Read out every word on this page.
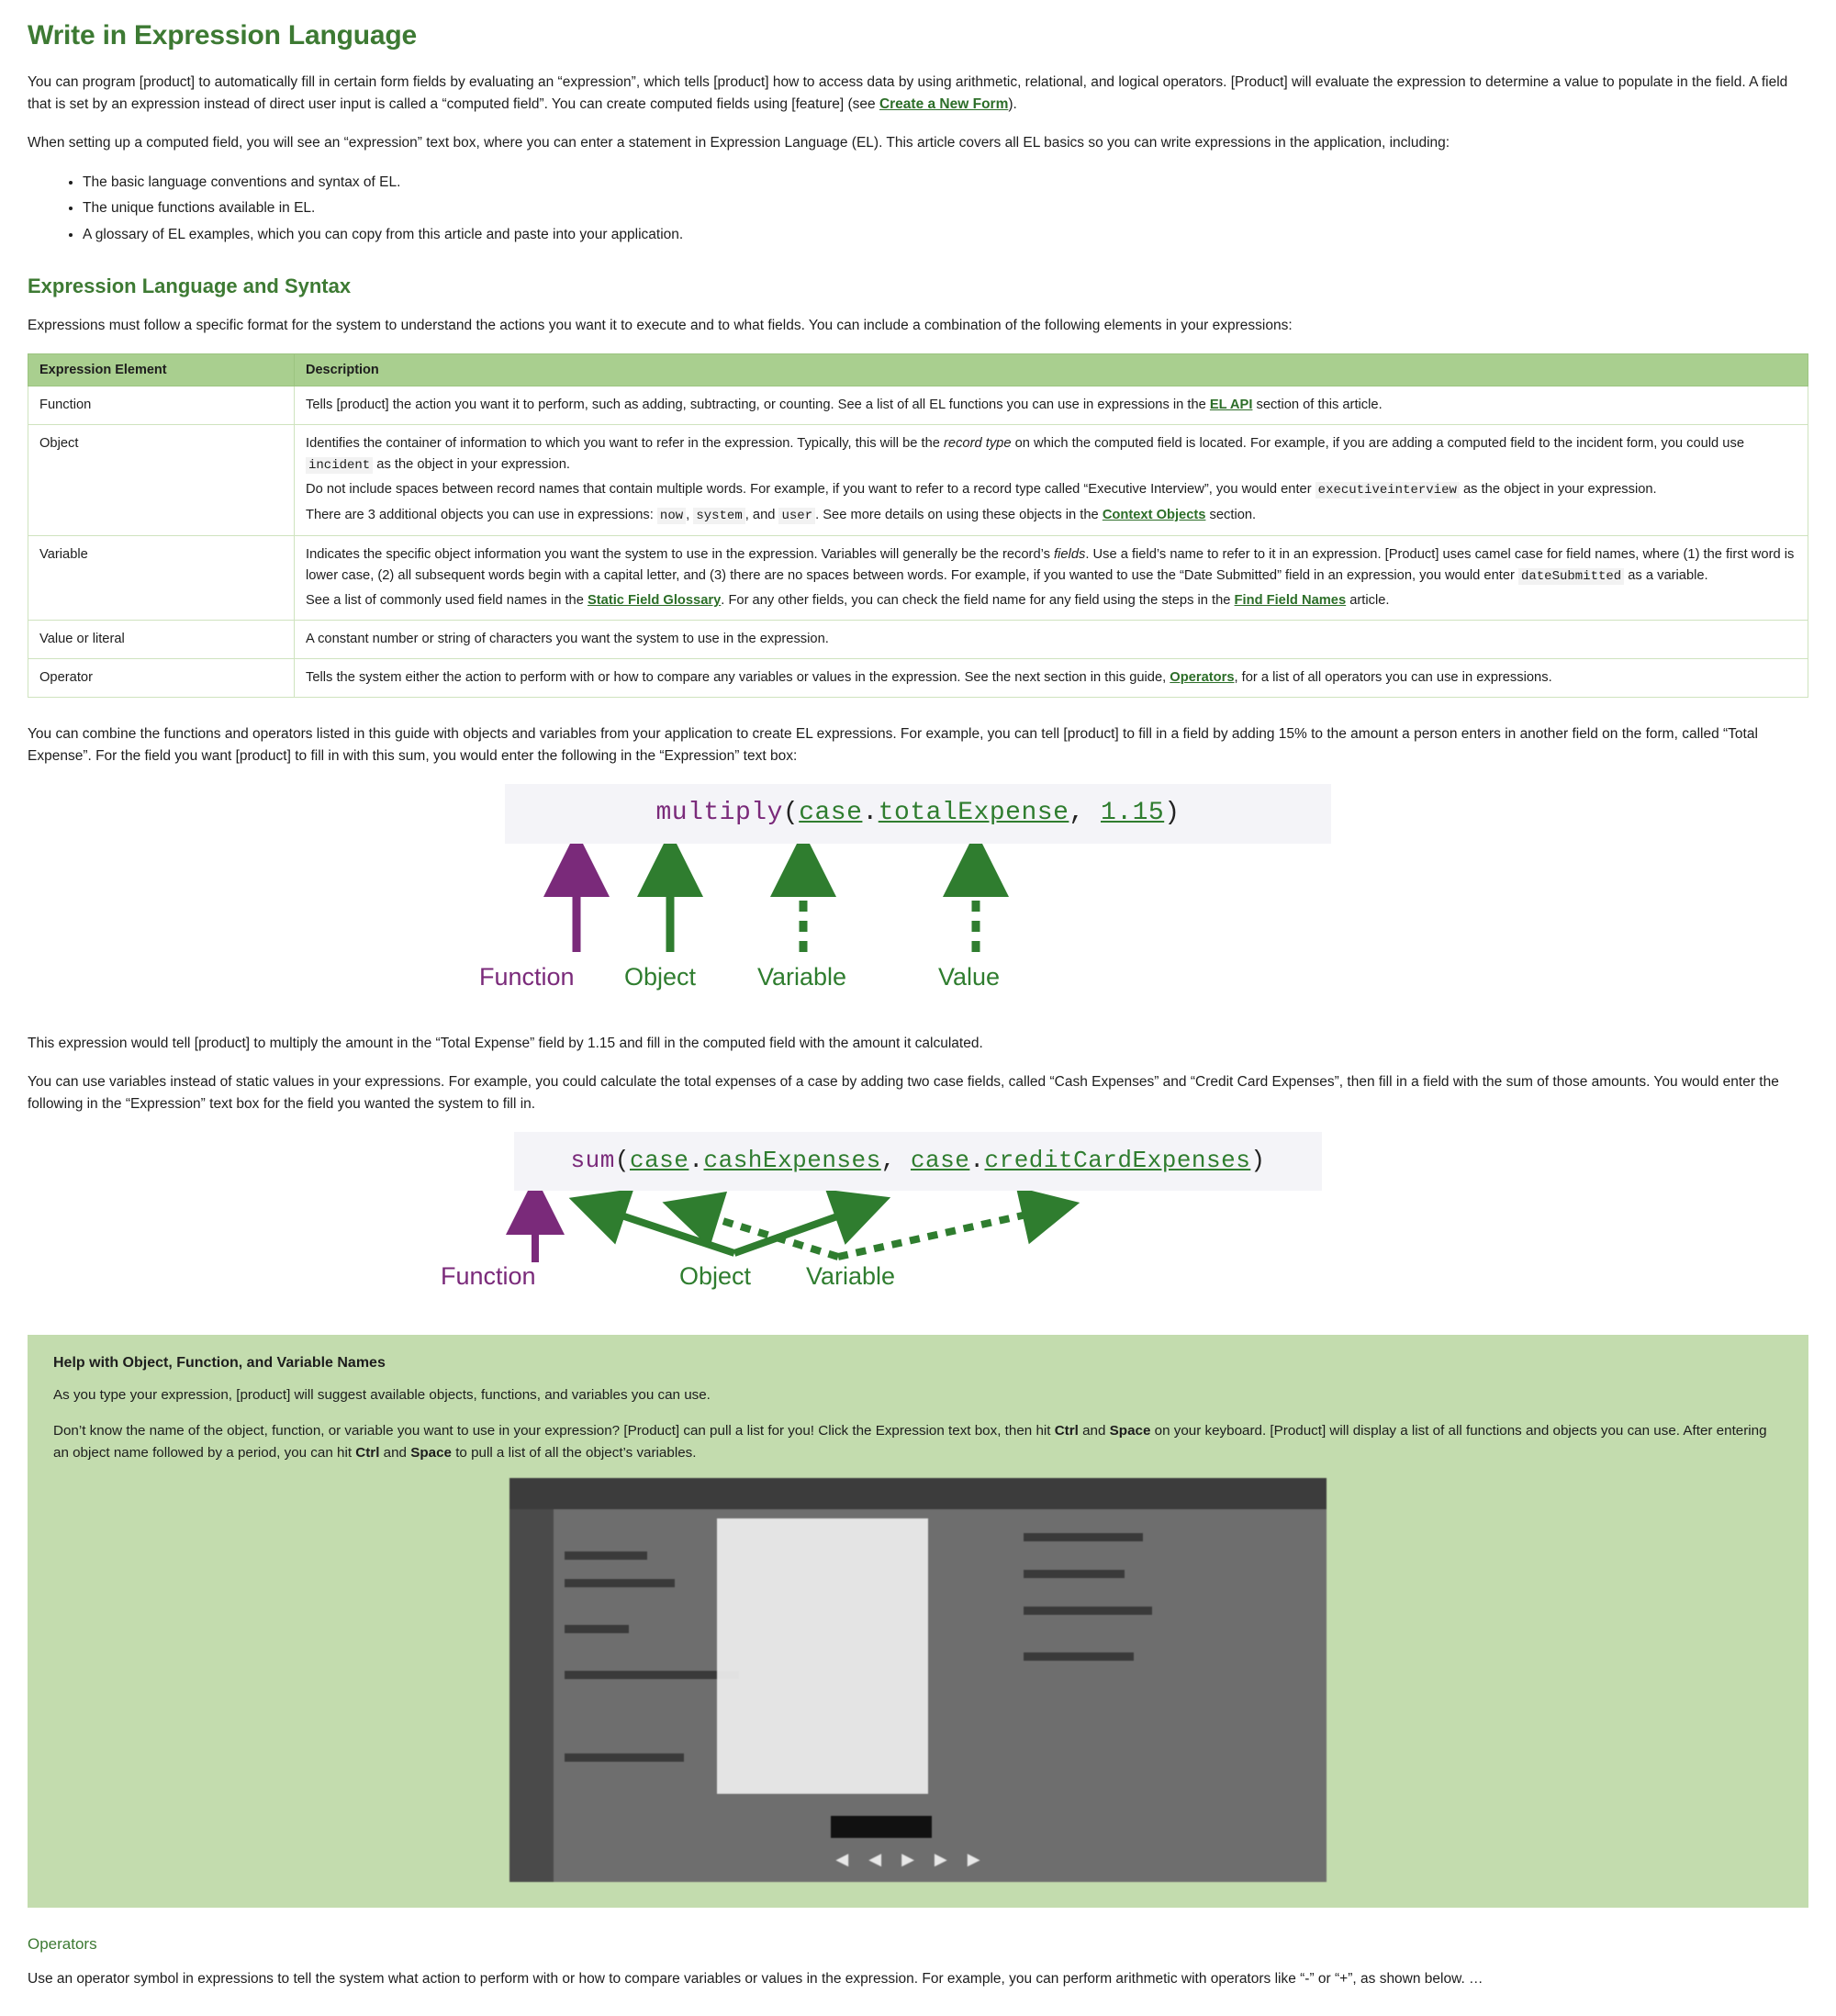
Write in Expression Language

You can program [product] to automatically fill in certain form fields by evaluating an “expression”, which tells [product] how to access data by using arithmetic, relational, and logical operators. [Product] will evaluate the expression to determine a value to populate in the field. A field that is set by an expression instead of direct user input is called a “computed field”. You can create computed fields using [feature] (see Create a New Form).

When setting up a computed field, you will see an “expression” text box, where you can enter a statement in Expression Language (EL). This article covers all EL basics so you can write expressions in the application, including:

• The basic language conventions and syntax of EL.
• The unique functions available in EL.
• A glossary of EL examples, which you can copy from this article and paste into your application.
Expression Language and Syntax

Expressions must follow a specific format for the system to understand the actions you want it to execute and to what fields. You can include a combination of the following elements in your expressions:

Expression Element	Description
Function	Tells [product] the action you want it to perform, such as adding, subtracting, or counting. See a list of all EL functions you can use in expressions in the EL API section of this article.
Object	Identifies the container of information to which you want to refer in the expression. Typically, this will be the record type on which the computed field is located. For example, if you are adding a computed field to the incident form, you could use incident as the object in your expression.

Do not include spaces between record names that contain multiple words. For example, if you want to refer to a record type called “Executive Interview”, you would enter executiveinterview as the object in your expression.

There are 3 additional objects you can use in expressions: now , system , and user . See more details on using these objects in the Context Objects section.

Variable	Indicates the specific object information you want the system to use in the expression. Variables will generally be the record’s fields. Use a field’s name to refer to it in an expression. [Product] uses camel case for field names, where (1) the first word is lower case, (2) all subsequent words begin with a capital letter, and (3) there are no spaces between words. For example, if you wanted to use the “Date Submitted” field in an expression, you would enter dateSubmitted as a variable.

See a list of commonly used field names in the Static Field Glossary. For any other fields, you can check the field name for any field using the steps in the Find Field Names article.

Value or literal	A constant number or string of characters you want the system to use in the expression.
Operator	Tells the system either the action to perform with or how to compare any variables or values in the expression. See the next section in this guide, Operators, for a list of all operators you can use in expressions.

You can combine the functions and operators listed in this guide with objects and variables from your application to create EL expressions. For example, you can tell [product] to fill in a field by adding 15% to the amount a person enters in another field on the form, called “Total Expense”. For the field you want [product] to fill in with this sum, you would enter the following in the “Expression” text box:

multiply(case.totalExpense, 1.15)
Function Object Variable	Value

This expression would tell [product] to multiply the amount in the “Total Expense” field by 1.15 and fill in the computed field with the amount it calculated.

You can use variables instead of static values in your expressions. For example, you could calculate the total expenses of a case by adding two case fields, called “Cash Expenses” and “Credit Card Expenses”, then fill in a field with the sum of those amounts. You would enter the following in the “Expression” text box for the field you wanted the system to fill in.

sum(case.cashExpenses, case.creditCardExpenses)
Function	Object Variable
Help with Object, Function, and Variable Names

As you type your expression, [product] will suggest available objects, functions, and variables you can use.

Don’t know the name of the object, function, or variable you want to use in your expression? [Product] can pull a list for you! Click the Expression text box, then hit Ctrl and Space on your keyboard. [Product] will display a list of all functions and objects you can use. After entering an object name followed by a period, you can hit Ctrl and Space to pull a list of all the object’s variables.

◀◀▶▶▶
Operators

Use an operator symbol in expressions to tell the system what action to perform with or how to compare variables or values in the expression. For example, you can perform arithmetic with operators like “-” or “+”, as shown below. …
